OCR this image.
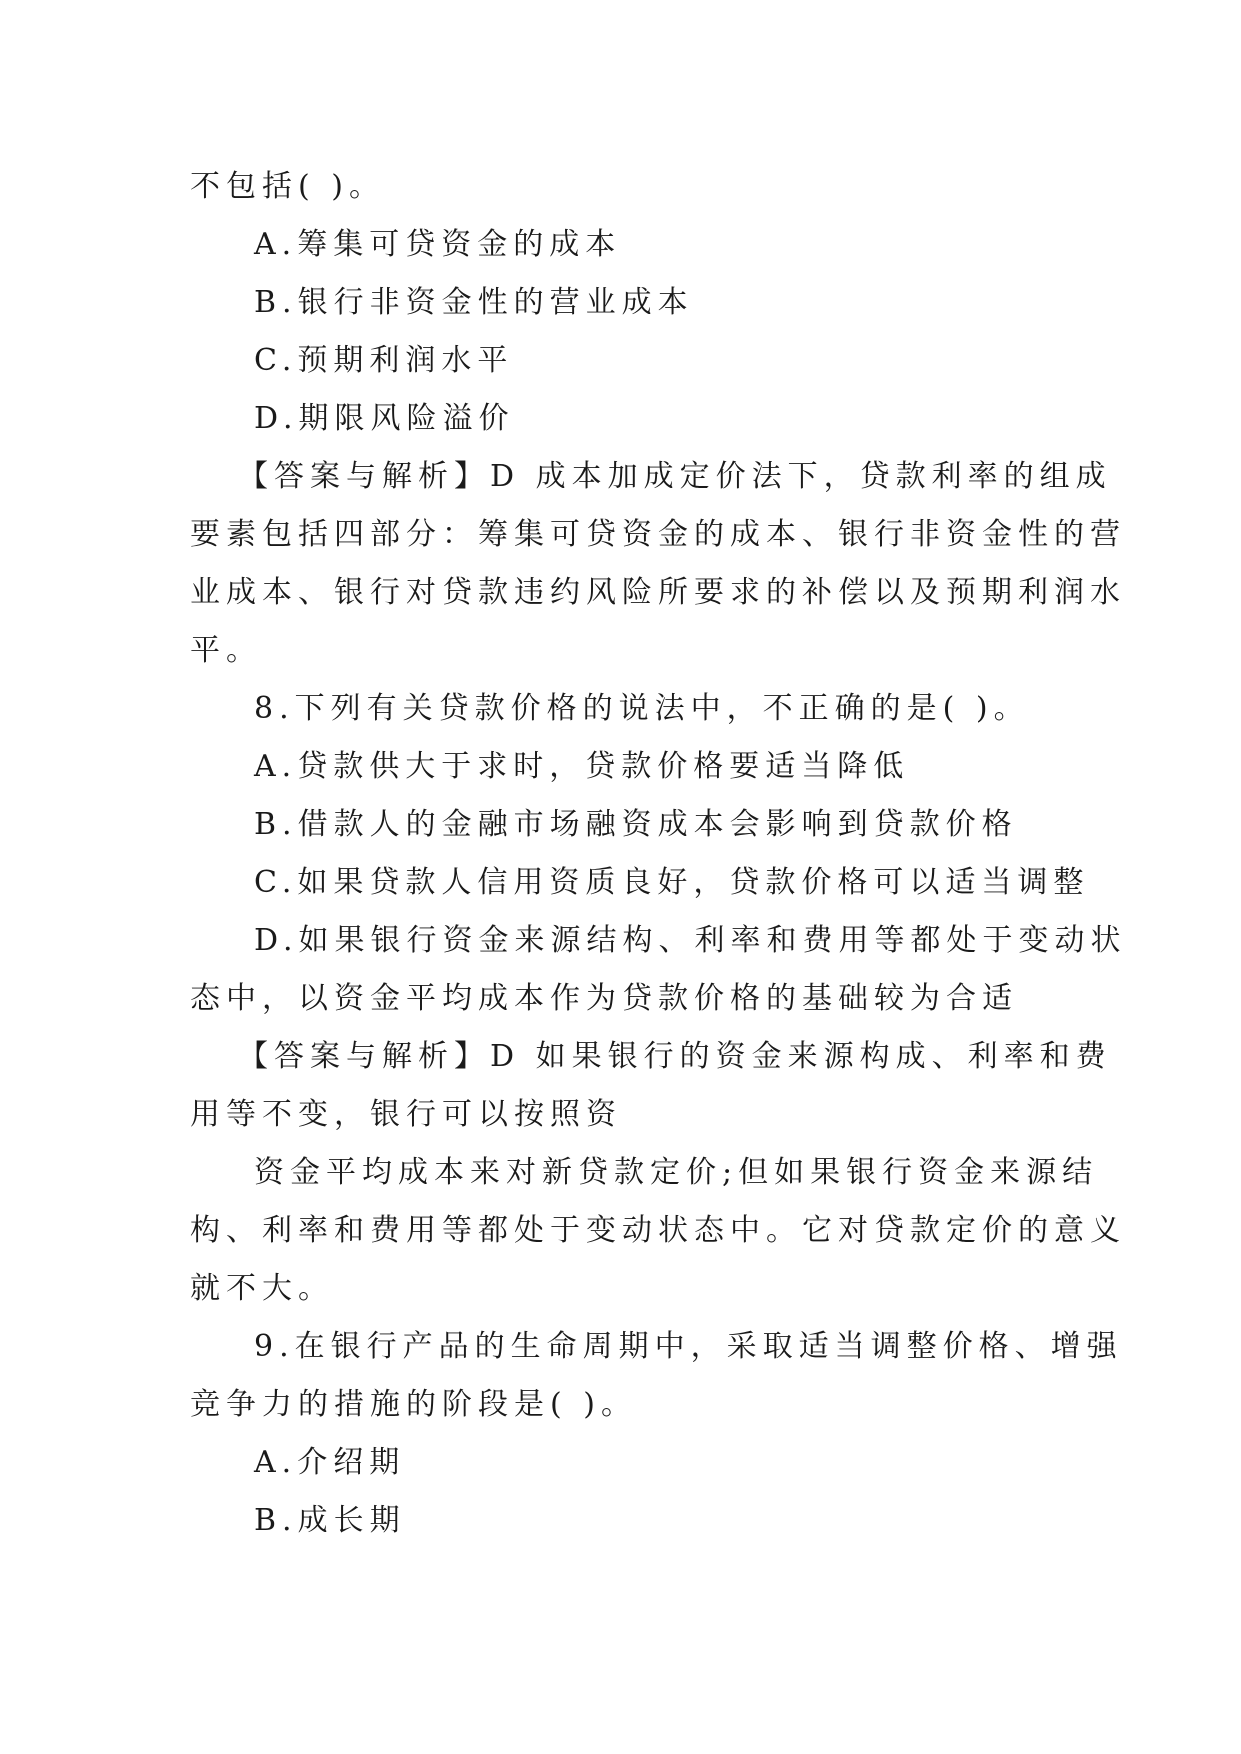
不包括( )。
A.筹集可贷资金的成本
B.银行非资金性的营业成本
C.预期利润水平
D.期限风险溢价
【答案与解析】D 成本加成定价法下，贷款利率的组成
要素包括四部分：筹集可贷资金的成本、银行非资金性的营
业成本、银行对贷款违约风险所要求的补偿以及预期利润水
平。
8.下列有关贷款价格的说法中，不正确的是( )。
A.贷款供大于求时，贷款价格要适当降低
B.借款人的金融市场融资成本会影响到贷款价格
C.如果贷款人信用资质良好，贷款价格可以适当调整
D.如果银行资金来源结构、利率和费用等都处于变动状
态中，以资金平均成本作为贷款价格的基础较为合适
【答案与解析】D 如果银行的资金来源构成、利率和费
用等不变，银行可以按照资
资金平均成本来对新贷款定价;但如果银行资金来源结
构、利率和费用等都处于变动状态中。它对贷款定价的意义
就不大。
9.在银行产品的生命周期中，采取适当调整价格、增强
竞争力的措施的阶段是( )。
A.介绍期
B.成长期
